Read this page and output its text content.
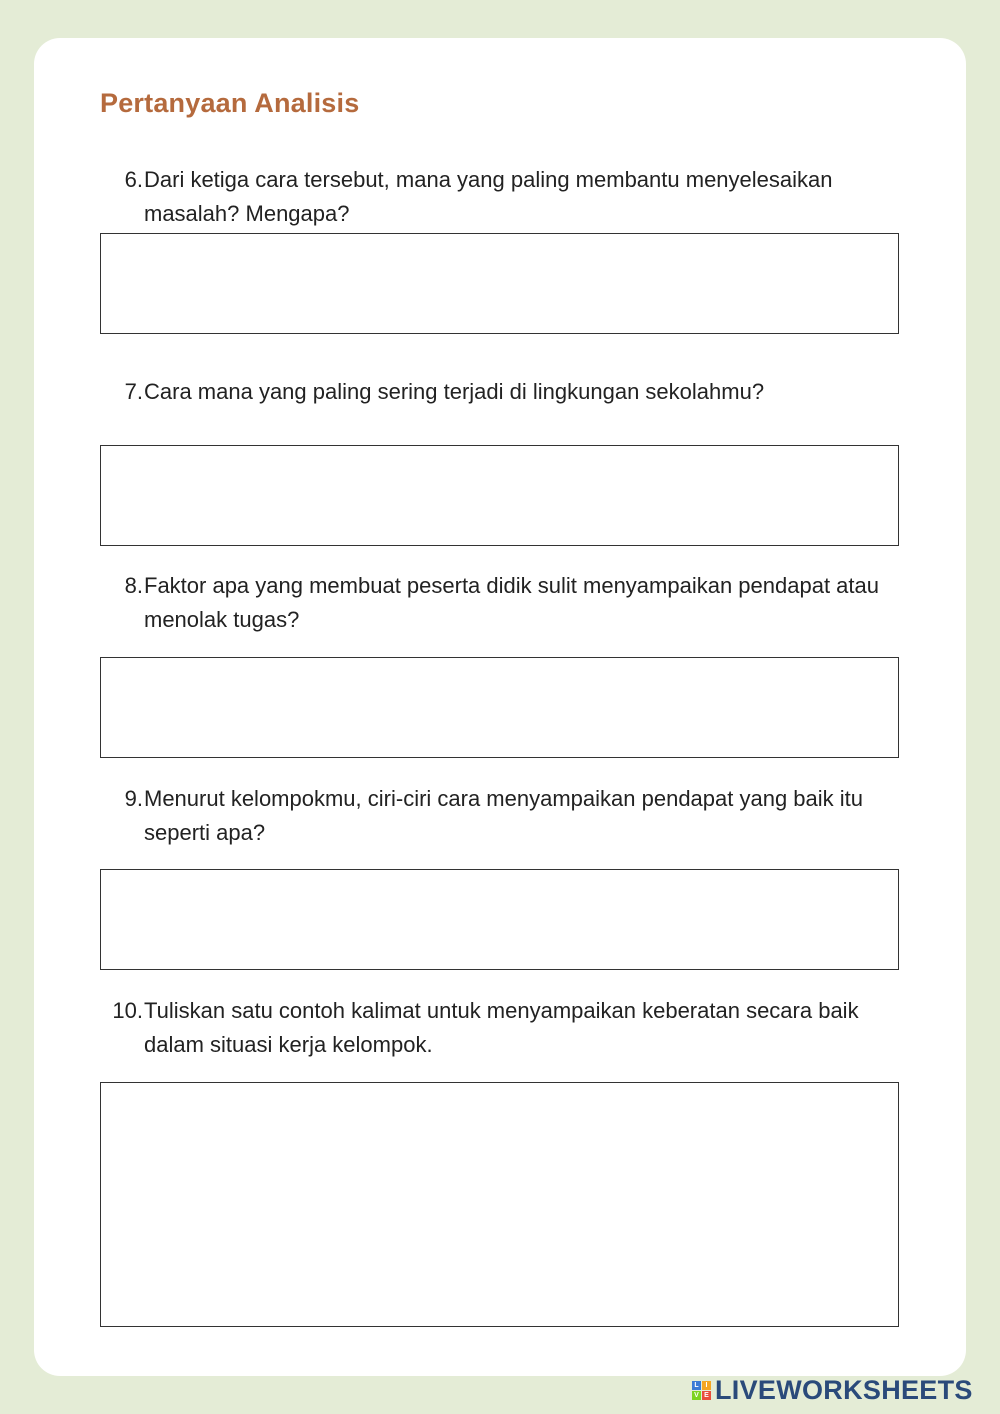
Pertanyaan Analisis
6. Dari ketiga cara tersebut, mana yang paling membantu menyelesaikan masalah? Mengapa?
7. Cara mana yang paling sering terjadi di lingkungan sekolahmu?
8. Faktor apa yang membuat peserta didik sulit menyampaikan pendapat atau menolak tugas?
9. Menurut kelompokmu, ciri-ciri cara menyampaikan pendapat yang baik itu seperti apa?
10. Tuliskan satu contoh kalimat untuk menyampaikan keberatan secara baik dalam situasi kerja kelompok.
L I
V E LIVEWORKSHEETS
